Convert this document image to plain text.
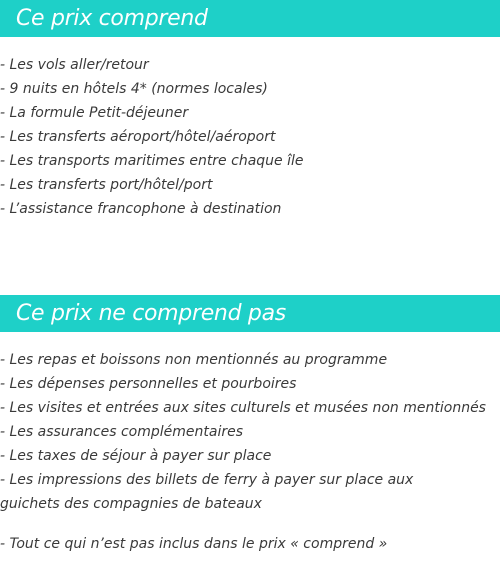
Ce prix comprend
- Les vols aller/retour
- 9 nuits en hôtels 4* (normes locales)
- La formule Petit-déjeuner
- Les transferts aéroport/hôtel/aéroport
- Les transports maritimes entre chaque île
- Les transferts port/hôtel/port
- L’assistance francophone à destination
Ce prix ne comprend pas
- Les repas et boissons non mentionnés au programme
- Les dépenses personnelles et pourboires
- Les visites et entrées aux sites culturels et musées non mentionnés
- Les assurances complémentaires
- Les taxes de séjour à payer sur place
- Les impressions des billets de ferry à payer sur place aux guichets des compagnies de bateaux
- Tout ce qui n’est pas inclus dans le prix « comprend »
